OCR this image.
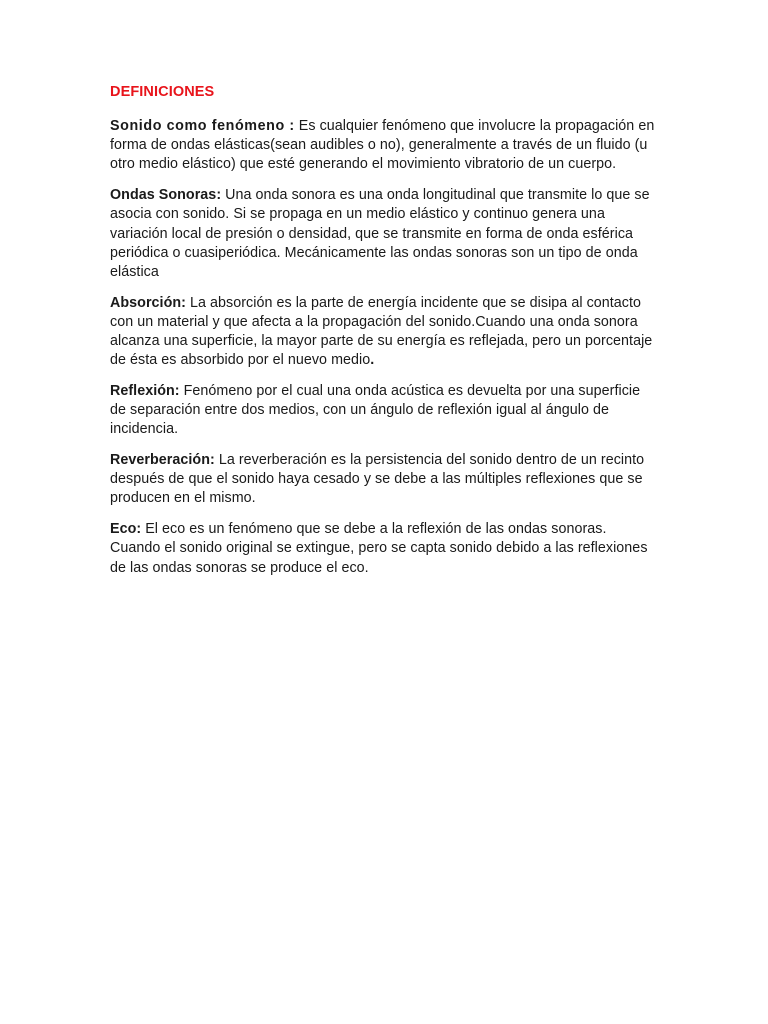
DEFINICIONES

Sonido como fenómeno : Es cualquier fenómeno que involucre la propagación en forma de ondas elásticas(sean audibles o no), generalmente a través de un fluido (u otro medio elástico) que esté generando el movimiento vibratorio de un cuerpo.

Ondas Sonoras: Una onda sonora es una onda longitudinal que transmite lo que se asocia con sonido. Si se propaga en un medio elástico y continuo genera una variación local de presión o densidad, que se transmite en forma de onda esférica periódica o cuasiperiódica. Mecánicamente las ondas sonoras son un tipo de onda elástica

Absorción: La absorción es la parte de energía incidente que se disipa al contacto con un material y que afecta a la propagación del sonido.Cuando una onda sonora alcanza una superficie, la mayor parte de su energía es reflejada, pero un porcentaje de ésta es absorbido por el nuevo medio.

Reflexión: Fenómeno por el cual una onda acústica es devuelta por una superficie de separación entre dos medios, con un ángulo de reflexión igual al ángulo de incidencia.

Reverberación: La reverberación es la persistencia del sonido dentro de un recinto después de que el sonido haya cesado y se debe a las múltiples reflexiones que se producen en el mismo.

Eco: El eco es un fenómeno que se debe a la reflexión de las ondas sonoras. Cuando el sonido original se extingue, pero se capta sonido debido a las reflexiones de las ondas sonoras se produce el eco.
